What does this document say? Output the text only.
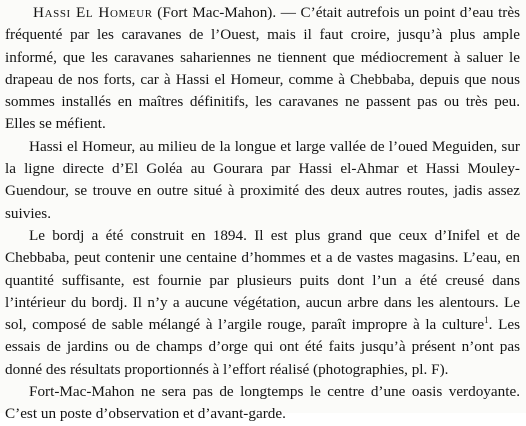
Hassi El Homeur (Fort Mac-Mahon). — C’était autrefois un point d’eau très fréquenté par les caravanes de l’Ouest, mais il faut croire, jusqu’à plus ample informé, que les caravanes sahariennes ne tiennent que médiocrement à saluer le drapeau de nos forts, car à Hassi el Homeur, comme à Chebbaba, depuis que nous sommes installés en maîtres définitifs, les caravanes ne passent pas ou très peu. Elles se méfient.

Hassi el Homeur, au milieu de la longue et large vallée de l’oued Meguiden, sur la ligne directe d’El Goléa au Gourara par Hassi el-Ahmar et Hassi Mouley-Guendour, se trouve en outre situé à proximité des deux autres routes, jadis assez suivies.

Le bordj a été construit en 1894. Il est plus grand que ceux d’Inifel et de Chebbaba, peut contenir une centaine d’hommes et a de vastes magasins. L’eau, en quantité suffisante, est fournie par plusieurs puits dont l’un a été creusé dans l’intérieur du bordj. Il n’y a aucune végétation, aucun arbre dans les alentours. Le sol, composé de sable mélangé à l’argile rouge, paraît impropre à la culture$^1$. Les essais de jardins ou de champs d’orge qui ont été faits jusqu’à présent n’ont pas donné des résultats proportionnés à l’effort réalisé (photographies, pl. F).

Fort-Mac-Mahon ne sera pas de longtemps le centre d’une oasis verdoyante. C’est un poste d’observation et d’avant-garde.
